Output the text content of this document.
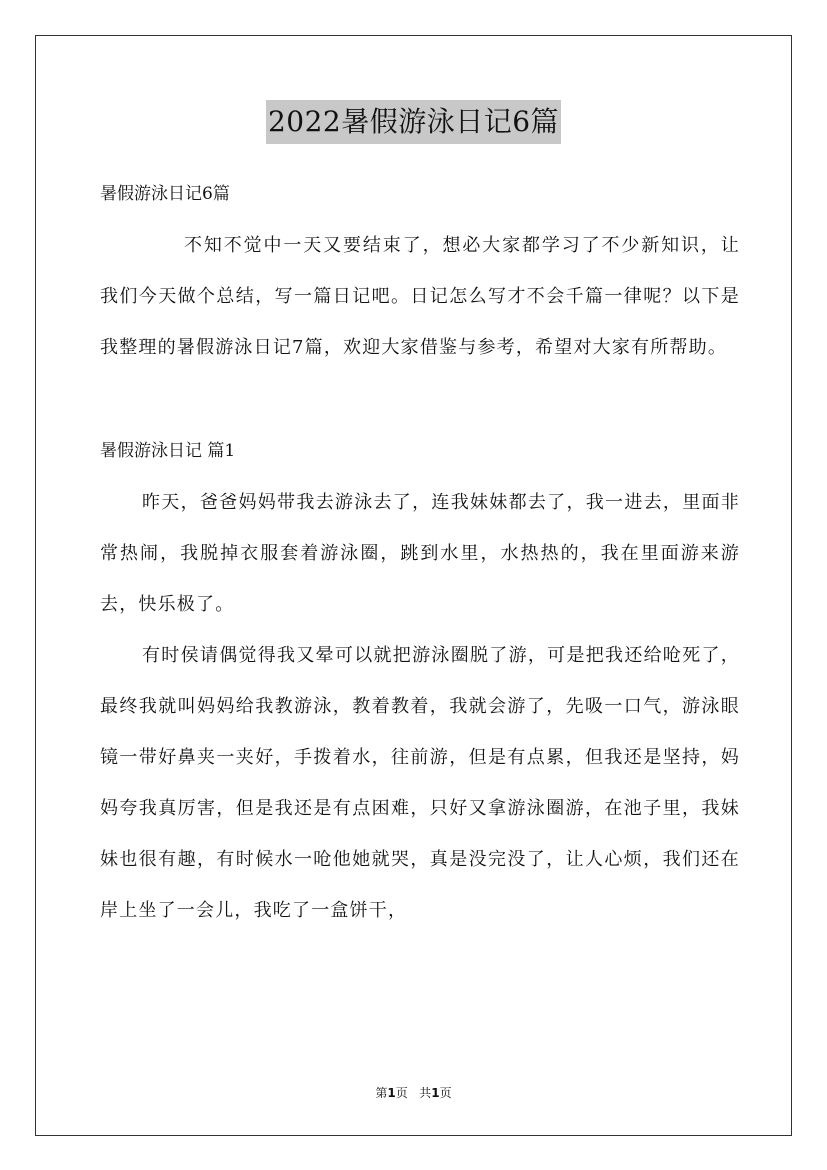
2022暑假游泳日记6篇

暑假游泳日记6篇

不知不觉中一天又要结束了，想必大家都学习了不少新知识，让我们今天做个总结，写一篇日记吧。日记怎么写才不会千篇一律呢？以下是我整理的暑假游泳日记7篇，欢迎大家借鉴与参考，希望对大家有所帮助。

暑假游泳日记 篇1

昨天，爸爸妈妈带我去游泳去了，连我妹妹都去了，我一进去，里面非常热闹，我脱掉衣服套着游泳圈，跳到水里，水热热的，我在里面游来游去，快乐极了。

有时侯请偶觉得我又晕可以就把游泳圈脱了游，可是把我还给呛死了，最终我就叫妈妈给我教游泳，教着教着，我就会游了，先吸一口气，游泳眼镜一带好鼻夹一夹好，手拨着水，往前游，但是有点累，但我还是坚持，妈妈夸我真厉害，但是我还是有点困难，只好又拿游泳圈游，在池子里，我妹妹也很有趣，有时候水一呛他她就哭，真是没完没了，让人心烦，我们还在岸上坐了一会儿，我吃了一盒饼干，

第1页 共1页
